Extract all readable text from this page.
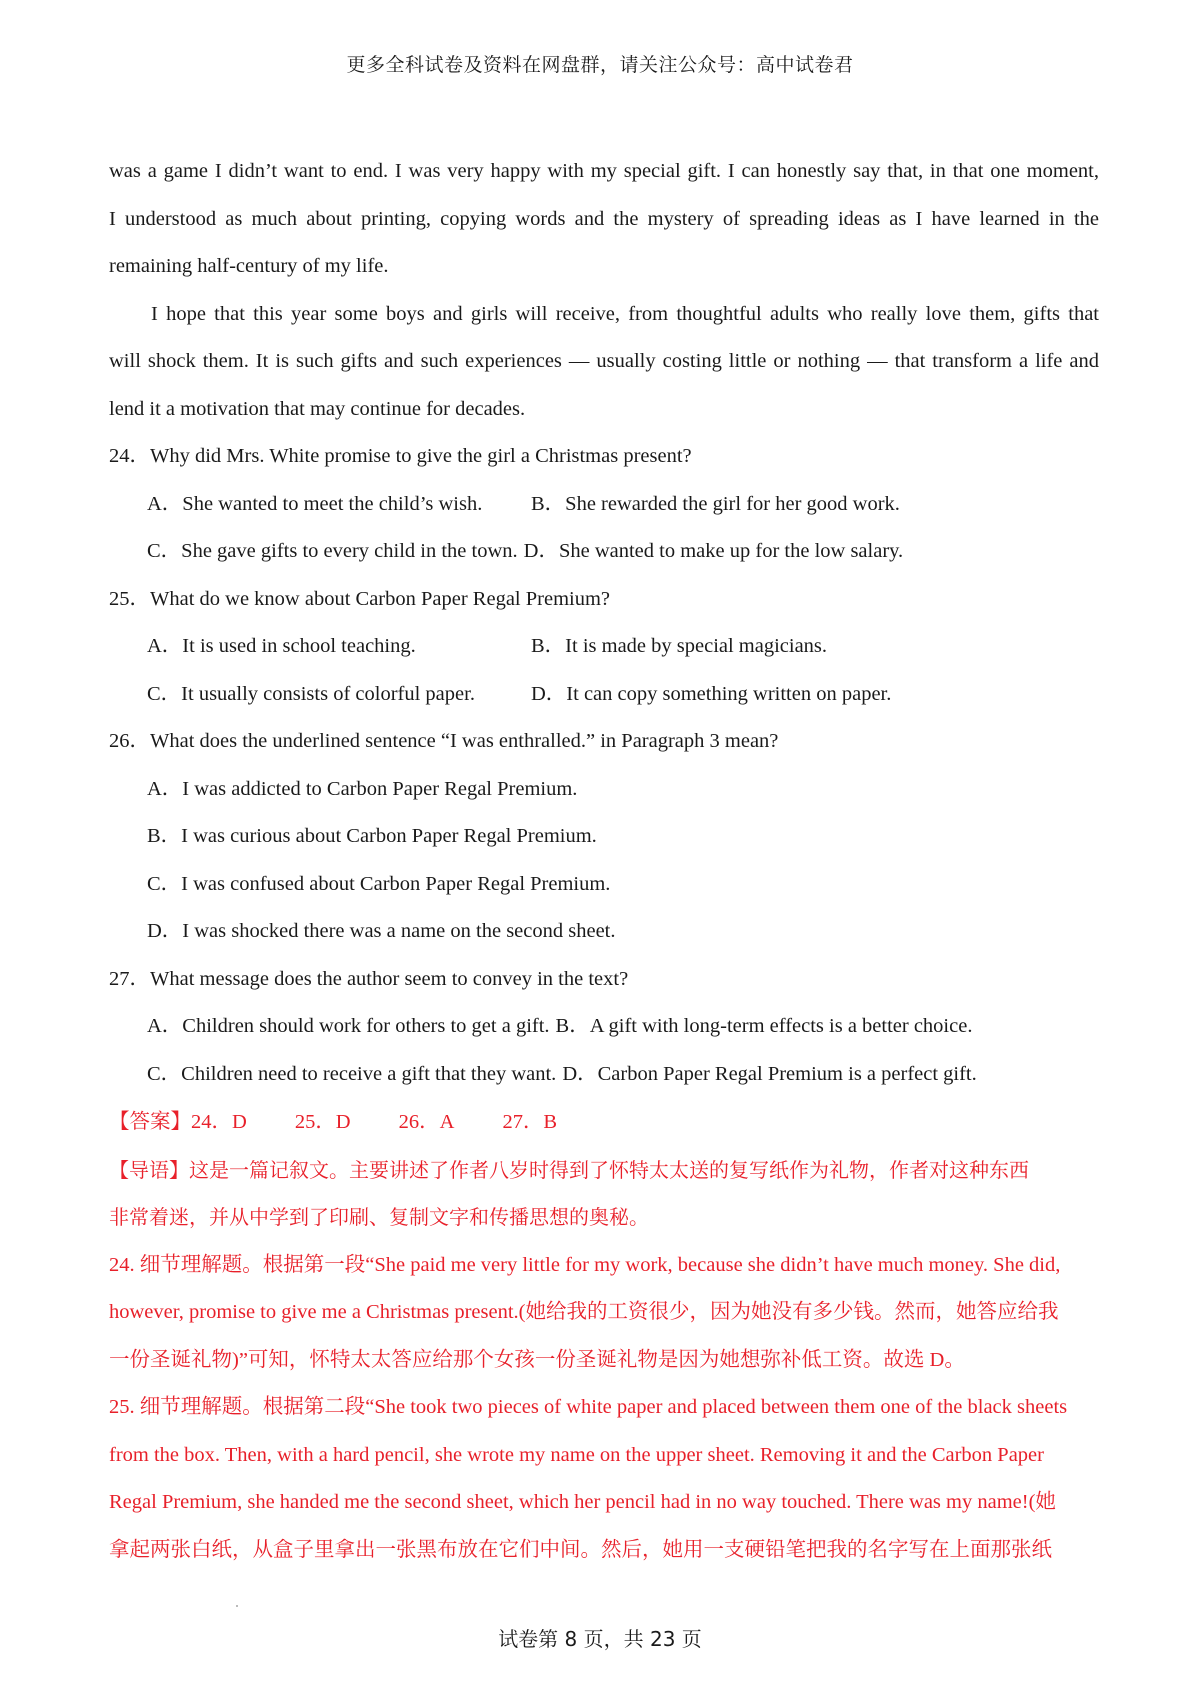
更多全科试卷及资料在网盘群，请关注公众号：高中试卷君
was a game I didn’t want to end. I was very happy with my special gift. I can honestly say that, in that one moment,
I understood as much about printing, copying words and the mystery of spreading ideas as I have learned in the
remaining half-century of my life.
I hope that this year some boys and girls will receive, from thoughtful adults who really love them, gifts that
will shock them. It is such gifts and such experiences — usually costing little or nothing — that transform a life and
lend it a motivation that may continue for decades.
24．Why did Mrs. White promise to give the girl a Christmas present?
A．She wanted to meet the child’s wish.	B．She rewarded the girl for her good work.
C．She gave gifts to every child in the town. D．She wanted to make up for the low salary.
25．What do we know about Carbon Paper Regal Premium?
A．It is used in school teaching.	B．It is made by special magicians.
C．It usually consists of colorful paper.	D．It can copy something written on paper.
26．What does the underlined sentence “I was enthralled.” in Paragraph 3 mean?
A．I was addicted to Carbon Paper Regal Premium.
B．I was curious about Carbon Paper Regal Premium.
C．I was confused about Carbon Paper Regal Premium.
D．I was shocked there was a name on the second sheet.
27．What message does the author seem to convey in the text?
A．Children should work for others to get a gift. B．A gift with long-term effects is a better choice.
C．Children need to receive a gift that they want. D．Carbon Paper Regal Premium is a perfect gift.
【答案】24．D 25．D 26．A 27．B
【导语】这是一篇记叙文。主要讲述了作者八岁时得到了怀特太太送的复写纸作为礼物，作者对这种东西
非常着迷，并从中学到了印刷、复制文字和传播思想的奥秘。
24. 细节理解题。根据第一段“She paid me very little for my work, because she didn’t have much money. She did,
however, promise to give me a Christmas present.(她给我的工资很少，因为她没有多少钱。然而，她答应给我
一份圣诞礼物)”可知，怀特太太答应给那个女孩一份圣诞礼物是因为她想弥补低工资。故选 D。
25. 细节理解题。根据第二段“She took two pieces of white paper and placed between them one of the black sheets
from the box. Then, with a hard pencil, she wrote my name on the upper sheet. Removing it and the Carbon Paper
Regal Premium, she handed me the second sheet, which her pencil had in no way touched. There was my name!(她
拿起两张白纸，从盒子里拿出一张黑布放在它们中间。然后，她用一支硬铅笔把我的名字写在上面那张纸
试卷第 8 页，共 23 页
